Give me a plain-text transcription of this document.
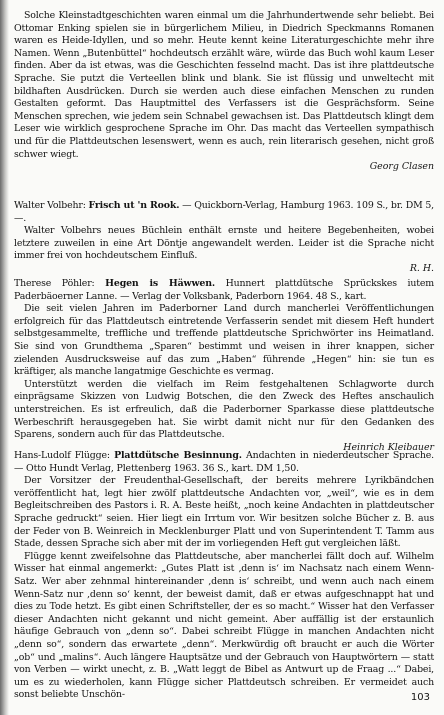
Solche Kleinstadtgeschichten waren einmal um die Jahrhundertwende sehr beliebt. Bei Ottomar Enking spielen sie in bürgerlichem Milieu, in Diedrich Speckmanns Romanen waren es Heide-Idyllen, und so mehr. Heute kennt keine Literaturgeschichte mehr ihre Namen. Wenn „Butenbüttel“ hochdeutsch erzählt wäre, würde das Buch wohl kaum Leser finden. Aber da ist etwas, was die Geschichten fesselnd macht. Das ist ihre plattdeutsche Sprache. Sie putzt die Verteellen blink und blank. Sie ist flüssig und unweltecht mit bildhaften Ausdrücken. Durch sie werden auch diese einfachen Menschen zu runden Gestalten geformt. Das Hauptmittel des Verfassers ist die Gesprächsform. Seine Menschen sprechen, wie jedem sein Schnabel gewachsen ist. Das Plattdeutsch klingt dem Leser wie wirklich gesprochene Sprache im Ohr. Das macht das Verteellen sympathisch und für die Plattdeutschen lesenswert, wenn es auch, rein literarisch gesehen, nicht groß schwer wiegt.

Georg Clasen

Walter Volbehr: Frisch ut 'n Rook. — Quickborn-Verlag, Hamburg 1963. 109 S., br. DM 5,—.

Walter Volbehrs neues Büchlein enthält ernste und heitere Begebenheiten, wobei letztere zuweilen in eine Art Döntje angewandelt werden. Leider ist die Sprache nicht immer frei von hochdeutschem Einfluß.

R. H.

Therese Pöhler: Hegen is Häwwen. Hunnert plattdütsche Sprückskes iutem Paderbäoerner Lanne. — Verlag der Volksbank, Paderborn 1964. 48 S., kart.

Die seit vielen Jahren im Paderborner Land durch mancherlei Veröffentlichungen erfolgreich für das Plattdeutsch eintretende Verfasserin sendet mit diesem Heft hundert selbstgesammelte, treffliche und treffende plattdeutsche Sprichwörter ins Heimatland. Sie sind von Grundthema „Sparen“ bestimmt und weisen in ihrer knappen, sicher zielenden Ausdrucksweise auf das zum „Haben“ führende „Hegen“ hin: sie tun es kräftiger, als manche langatmige Geschichte es vermag.

Unterstützt werden die vielfach im Reim festgehaltenen Schlagworte durch einprägsame Skizzen von Ludwig Botschen, die den Zweck des Heftes anschaulich unterstreichen. Es ist erfreulich, daß die Paderborner Sparkasse diese plattdeutsche Werbeschrift herausgegeben hat. Sie wirbt damit nicht nur für den Gedanken des Sparens, sondern auch für das Plattdeutsche.

Heinrich Kleibauer

Hans-Ludolf Flügge: Plattdütsche Besinnung. Andachten in niederdeutscher Sprache. — Otto Hundt Verlag, Plettenberg 1963. 36 S., kart. DM 1,50.

Der Vorsitzer der Freudenthal-Gesellschaft, der bereits mehrere Lyrikbändchen veröffentlicht hat, legt hier zwölf plattdeutsche Andachten vor, „weil“, wie es in dem Begleitschreiben des Pastors i. R. A. Beste heißt, „noch keine Andachten in plattdeutscher Sprache gedruckt“ seien. Hier liegt ein Irrtum vor. Wir besitzen solche Bücher z. B. aus der Feder von B. Weinreich in Mecklenburger Platt und von Superintendent T. Tamm aus Stade, dessen Sprache sich aber mit der im vorliegenden Heft gut vergleichen läßt.

Flügge kennt zweifelsohne das Plattdeutsche, aber mancherlei fällt doch auf. Wilhelm Wisser hat einmal angemerkt: „Gutes Platt ist ‚denn is‘ im Nachsatz nach einem Wenn-Satz. Wer aber zehnmal hintereinander ‚denn is‘ schreibt, und wenn auch nach einem Wenn-Satz nur ‚denn so‘ kennt, der beweist damit, daß er etwas aufgeschnappt hat und dies zu Tode hetzt. Es gibt einen Schriftsteller, der es so macht.“ Wisser hat den Verfasser dieser Andachten nicht gekannt und nicht gemeint. Aber auffällig ist der erstaunlich häufige Gebrauch von „denn so“. Dabei schreibt Flügge in manchen Andachten nicht „denn so“, sondern das erwartete „denn“. Merkwürdig oft braucht er auch die Wörter „ob“ und „malins“. Auch längere Hauptsätze und der Gebrauch von Hauptwörtern — statt von Verben — wirkt unecht, z. B. „Watt leggt de Bibel as Antwurt up de Fraag ...“ Dabei, um es zu wiederholen, kann Flügge sicher Plattdeutsch schreiben. Er vermeidet auch sonst beliebte Unschön-	103
